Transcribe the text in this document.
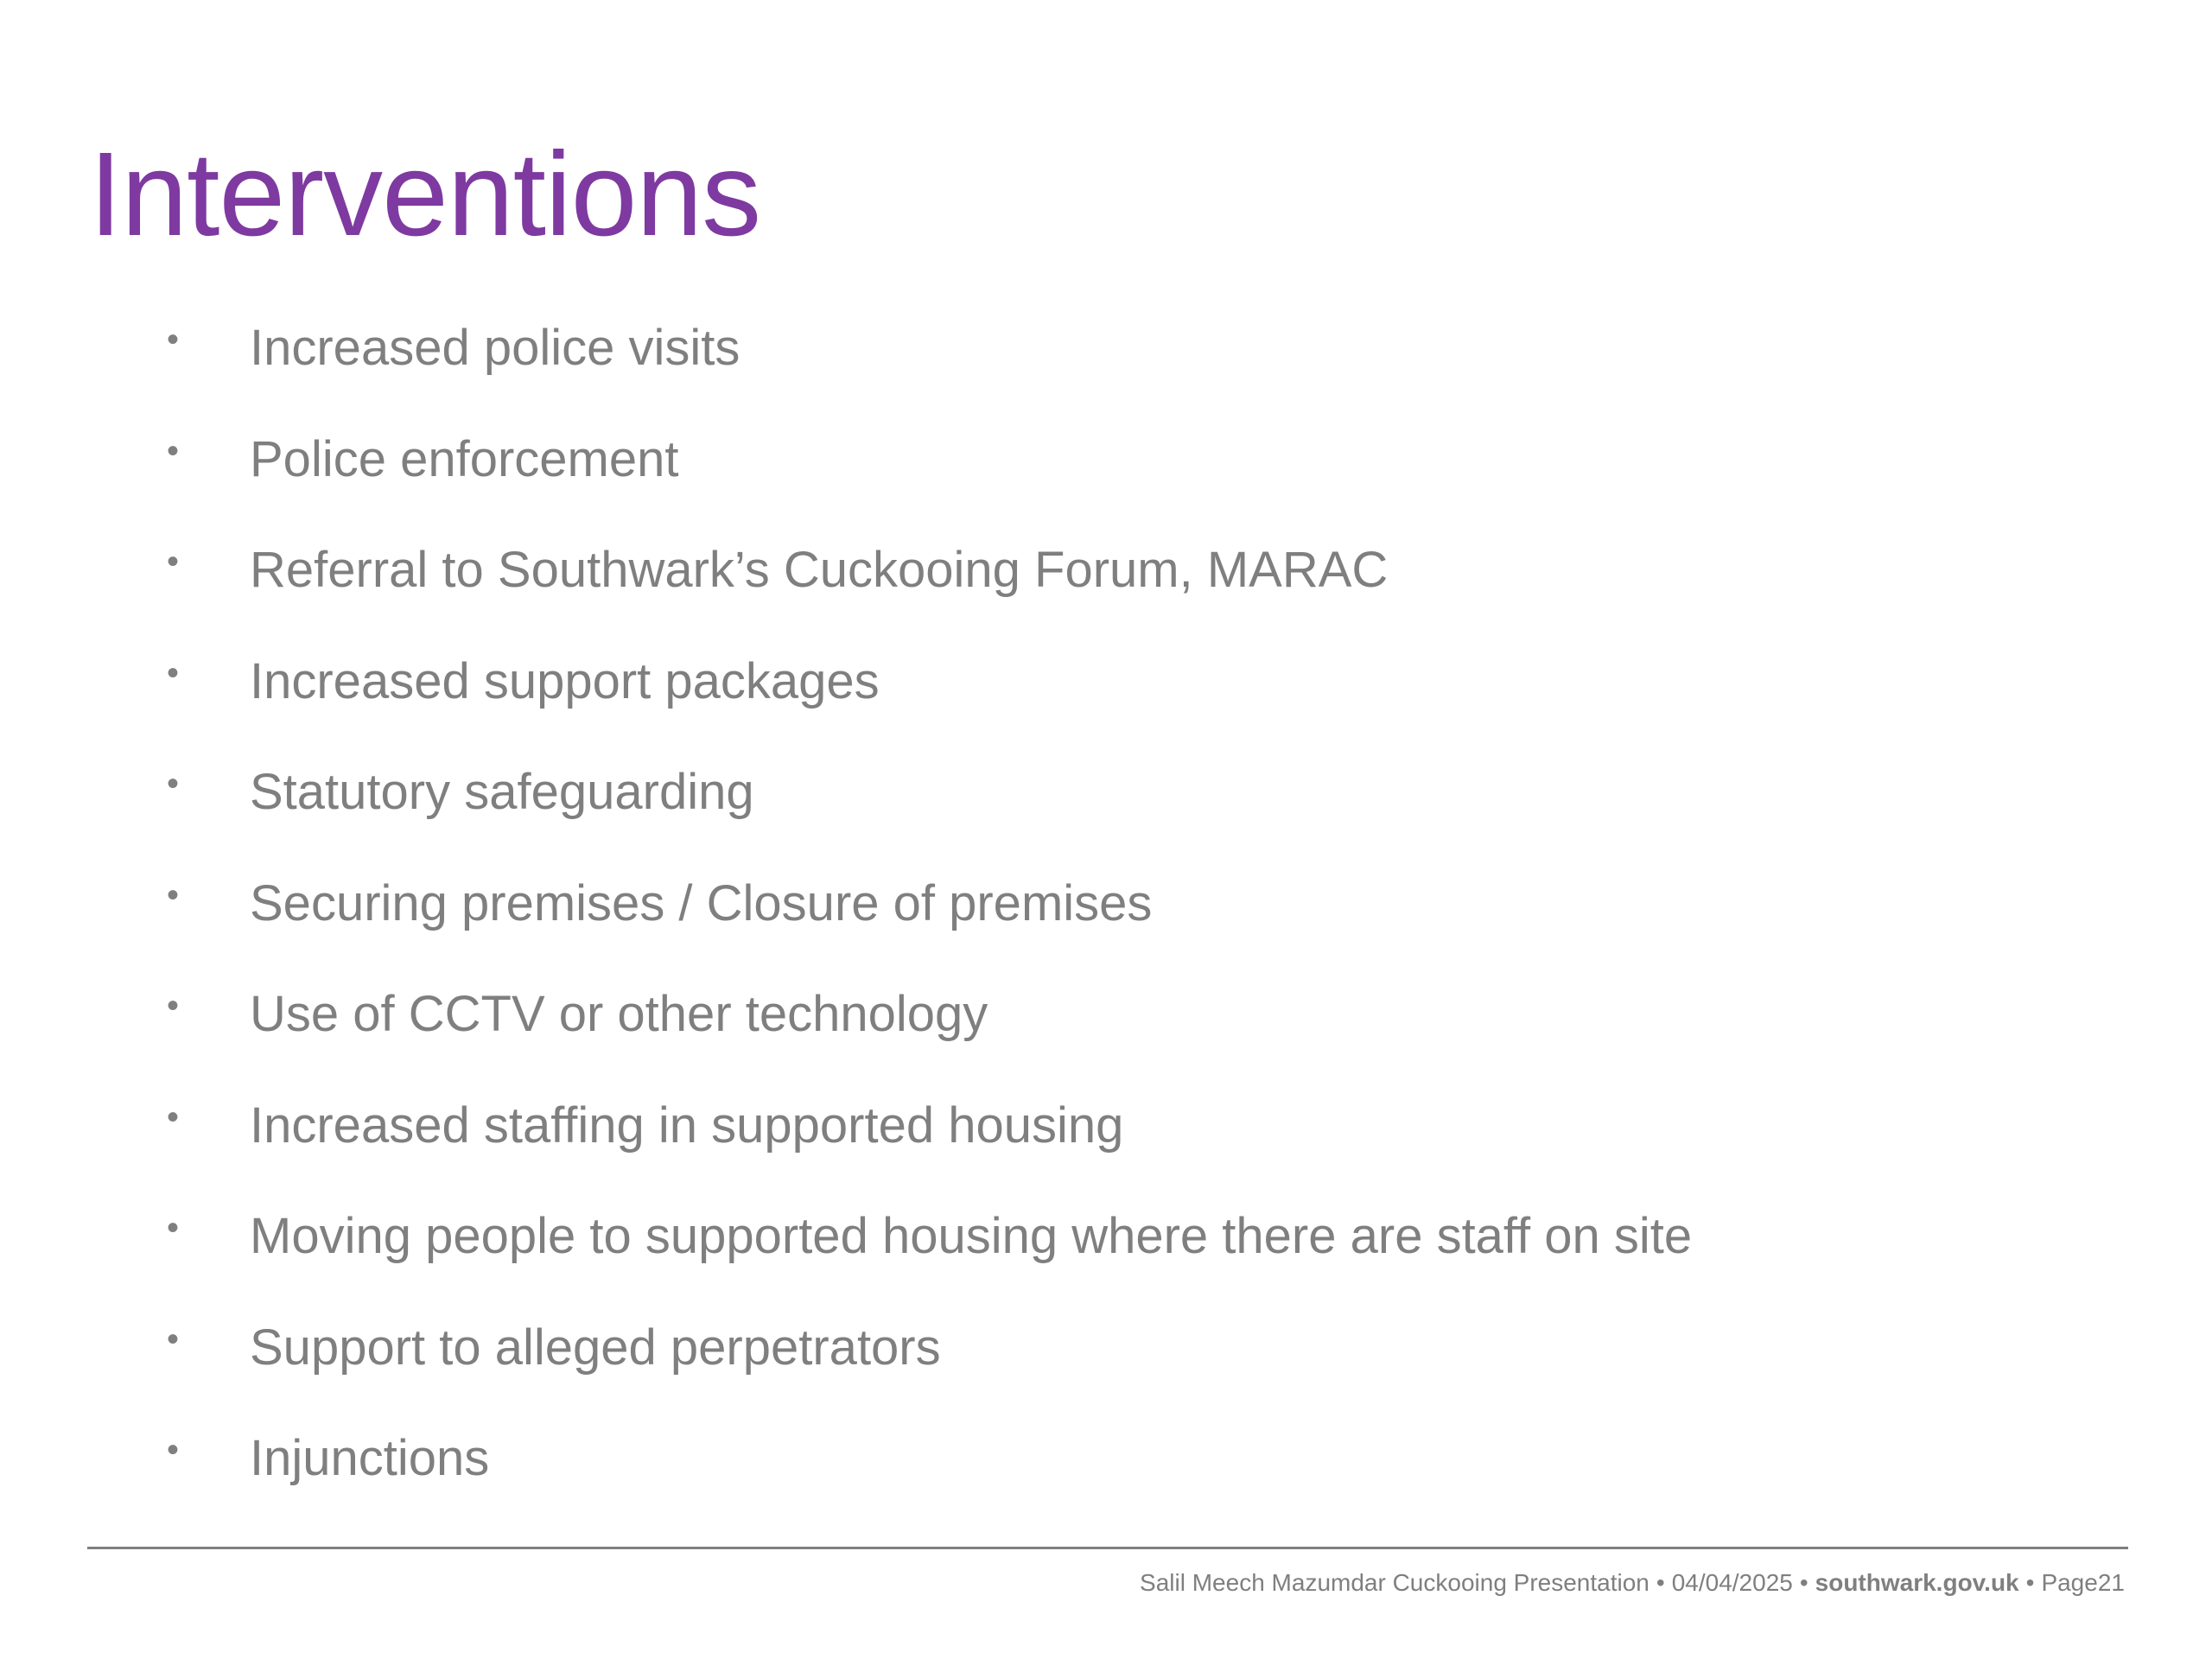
Interventions
• Increased police visits
• Police enforcement
• Referral to Southwark’s Cuckooing Forum, MARAC
• Increased support packages
• Statutory safeguarding
• Securing premises / Closure of premises
• Use of CCTV or other technology
• Increased staffing in supported housing
• Moving people to supported housing where there are staff on site
• Support to alleged perpetrators
• Injunctions
Salil Meech Mazumdar Cuckooing Presentation • 04/04/2025 • southwark.gov.uk • Page21
